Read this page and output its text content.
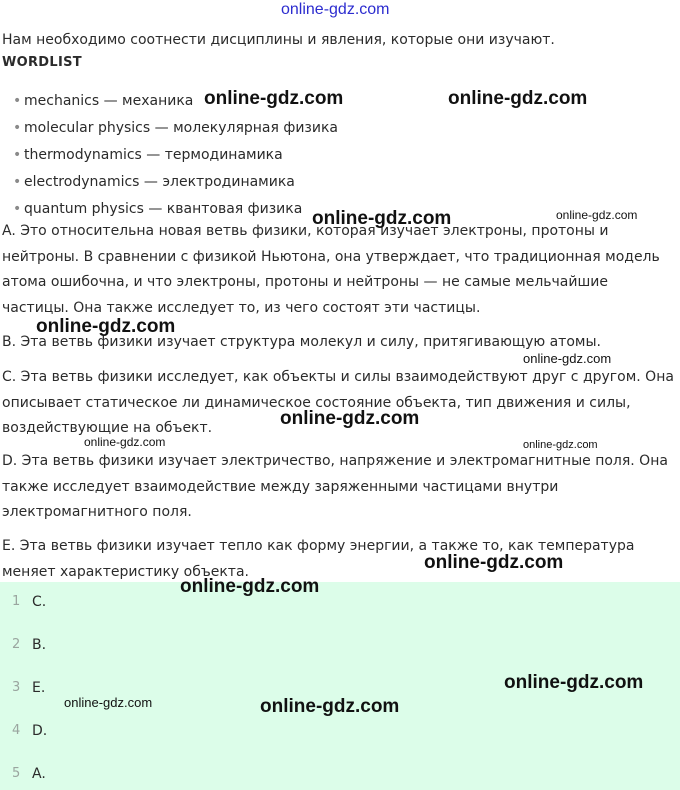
online-gdz.com
Нам необходимо соотнести дисциплины и явления, которые они изучают.
WORDLIST
• mechanics — механика
• molecular physics — молекулярная физика
• thermodynamics — термодинамика
• electrodynamics — электродинамика
• quantum physics — квантовая физика
A. Это относительна новая ветвь физики, которая изучает электроны, протоны и нейтроны. В сравнении с физикой Ньютона, она утверждает, что традиционная модель атома ошибочна, и что электроны, протоны и нейтроны — не самые мельчайшие частицы. Она также исследует то, из чего состоят эти частицы.
B. Эта ветвь физики изучает структура молекул и силу, притягивающую атомы.
C. Эта ветвь физики исследует, как объекты и силы взаимодействуют друг с другом. Она описывает статическое ли динамическое состояние объекта, тип движения и силы, воздействующие на объект.
D. Эта ветвь физики изучает электричество, напряжение и электромагнитные поля. Она также исследует взаимодействие между заряженными частицами внутри электромагнитного поля.
E. Эта ветвь физики изучает тепло как форму энергии, а также то, как температура меняет характеристику объекта.
1 C.
2 B.
3 E.
4 D.
5 A.
online-gdz.com	online-gdz.com
online-gdz.com	online-gdz.com
online-gdz.com
online-gdz.com
online-gdz.com
online-gdz.com	online-gdz.com
online-gdz.com
online-gdz.com
online-gdz.com
online-gdz.com	online-gdz.com
